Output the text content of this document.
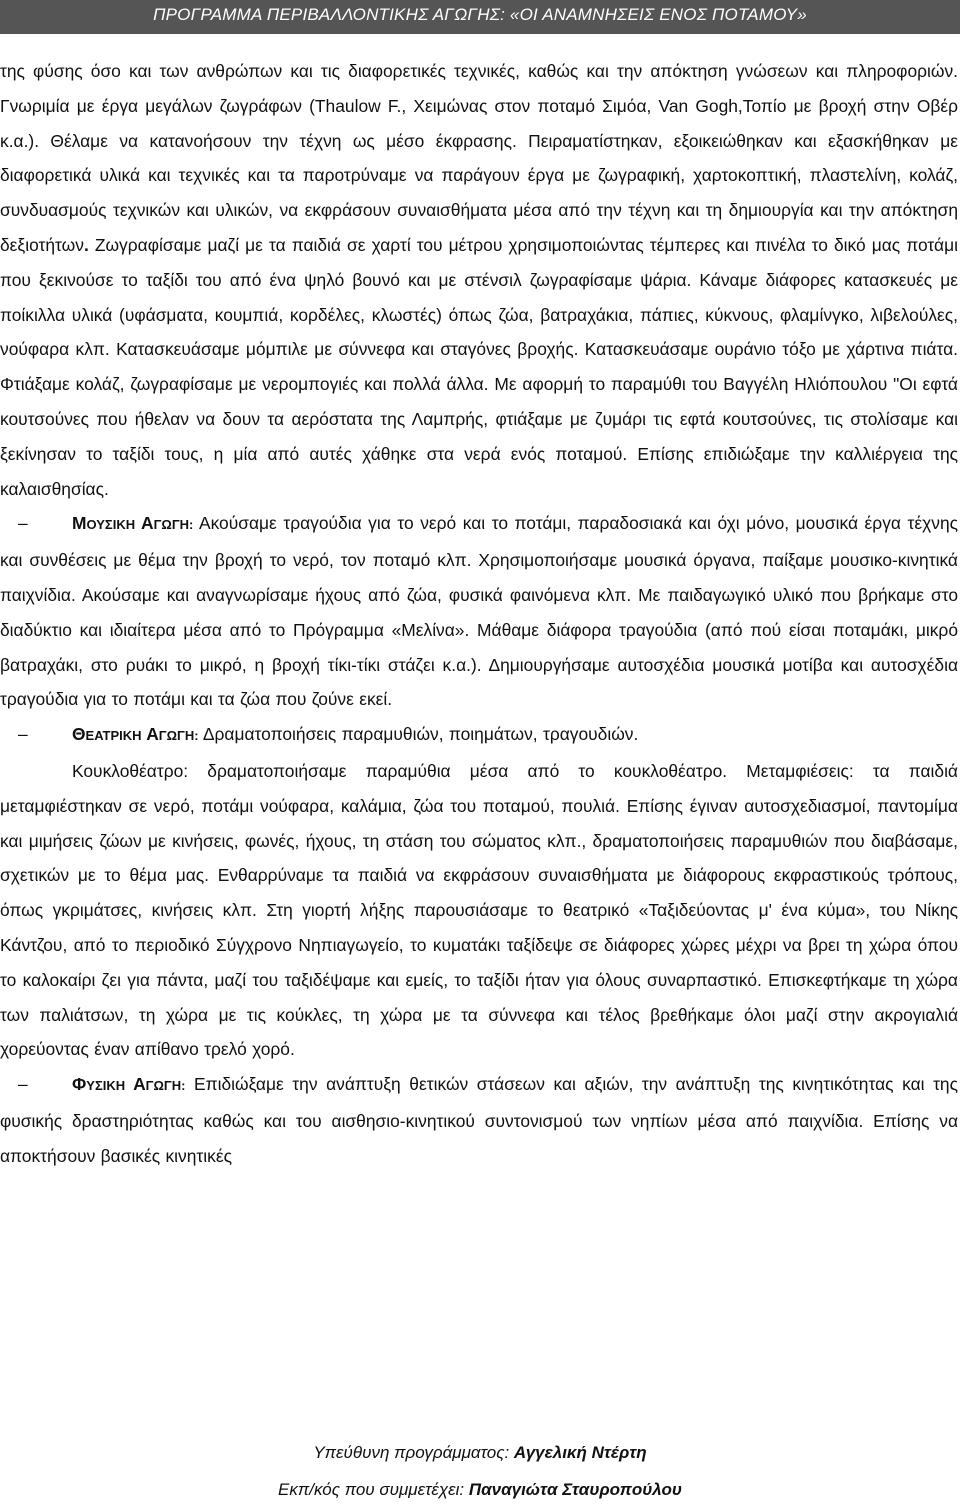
ΠΡΟΓΡΑΜΜΑ ΠΕΡΙΒΑΛΛΟΝΤΙΚΗΣ ΑΓΩΓΗΣ: «ΟΙ ΑΝΑΜΝΗΣΕΙΣ ΕΝΟΣ ΠΟΤΑΜΟΥ»

της φύσης όσο και των ανθρώπων και τις διαφορετικές τεχνικές, καθώς και την απόκτηση γνώσεων και πληροφοριών. Γνωριμία με έργα μεγάλων ζωγράφων (Thaulow F., Χειμώνας στον ποταμό Σιμόα, Van Gogh,Τοπίο με βροχή στην Οβέρ κ.α.). Θέλαμε να κατανοήσουν την τέχνη ως μέσο έκφρασης. Πειραματίστηκαν, εξοικειώθηκαν και εξασκήθηκαν με διαφορετικά υλικά και τεχνικές και τα παροτρύναμε να παράγουν έργα με ζωγραφική, χαρτοκοπτική, πλαστελίνη, κολάζ, συνδυασμούς τεχνικών και υλικών, να εκφράσουν συναισθήματα μέσα από την τέχνη και τη δημιουργία και την απόκτηση δεξιοτήτων. Ζωγραφίσαμε μαζί με τα παιδιά σε χαρτί του μέτρου χρησιμοποιώντας τέμπερες και πινέλα το δικό μας ποτάμι που ξεκινούσε το ταξίδι του από ένα ψηλό βουνό και με στένσιλ ζωγραφίσαμε ψάρια. Κάναμε διάφορες κατασκευές με ποίκιλλα υλικά (υφάσματα, κουμπιά, κορδέλες, κλωστές) όπως ζώα, βατραχάκια, πάπιες, κύκνους, φλαμίνγκο, λιβελούλες, νούφαρα κλπ. Κατασκευάσαμε μόμπιλε με σύννεφα και σταγόνες βροχής. Κατασκευάσαμε ουράνιο τόξο με χάρτινα πιάτα. Φτιάξαμε κολάζ, ζωγραφίσαμε με νερομπογιές και πολλά άλλα. Με αφορμή το παραμύθι του Βαγγέλη Ηλιόπουλου "Οι εφτά κουτσούνες που ήθελαν να δουν τα αερόστατα της Λαμπρής, φτιάξαμε με ζυμάρι τις εφτά κουτσούνες, τις στολίσαμε και ξεκίνησαν το ταξίδι τους, η μία από αυτές χάθηκε στα νερά ενός ποταμού. Επίσης επιδιώξαμε την καλλιέργεια της καλαισθησίας.

–	ΜΟΥΣΙΚΗ ΑΓΩΓΗ: Ακούσαμε τραγούδια για το νερό και το ποτάμι, παραδοσιακά και όχι μόνο, μουσικά έργα τέχνης και συνθέσεις με θέμα την βροχή το νερό, τον ποταμό κλπ. Χρησιμοποιήσαμε μουσικά όργανα, παίξαμε μουσικο-κινητικά παιχνίδια. Ακούσαμε και αναγνωρίσαμε ήχους από ζώα, φυσικά φαινόμενα κλπ. Με παιδαγωγικό υλικό που βρήκαμε στο διαδύκτιο και ιδιαίτερα μέσα από το Πρόγραμμα «Μελίνα». Μάθαμε διάφορα τραγούδια (από πού είσαι ποταμάκι, μικρό βατραχάκι, στο ρυάκι το μικρό, η βροχή τίκι-τίκι στάζει κ.α.). Δημιουργήσαμε αυτοσχέδια μουσικά μοτίβα και αυτοσχέδια τραγούδια για το ποτάμι και τα ζώα που ζούνε εκεί.

–	ΘΕΑΤΡΙΚΗ ΑΓΩΓΗ: Δραματοποιήσεις παραμυθιών, ποιημάτων, τραγουδιών.

Κουκλοθέατρο: δραματοποιήσαμε παραμύθια μέσα από το κουκλοθέατρο. Μεταμφιέσεις: τα παιδιά μεταμφιέστηκαν σε νερό, ποτάμι νούφαρα, καλάμια, ζώα του ποταμού, πουλιά. Επίσης έγιναν αυτοσχεδιασμοί, παντομίμα και μιμήσεις ζώων με κινήσεις, φωνές, ήχους, τη στάση του σώματος κλπ., δραματοποιήσεις παραμυθιών που διαβάσαμε, σχετικών με το θέμα μας. Ενθαρρύναμε τα παιδιά να εκφράσουν συναισθήματα με διάφορους εκφραστικούς τρόπους, όπως γκριμάτσες, κινήσεις κλπ. Στη γιορτή λήξης παρουσιάσαμε το θεατρικό «Ταξιδεύοντας μ' ένα κύμα», του Νίκης Κάντζου, από το περιοδικό Σύγχρονο Νηπιαγωγείο, το κυματάκι ταξίδεψε σε διάφορες χώρες μέχρι να βρει τη χώρα όπου το καλοκαίρι ζει για πάντα, μαζί του ταξιδέψαμε και εμείς, το ταξίδι ήταν για όλους συναρπαστικό. Επισκεφτήκαμε τη χώρα των παλιάτσων, τη χώρα με τις κούκλες, τη χώρα με τα σύννεφα και τέλος βρεθήκαμε όλοι μαζί στην ακρογιαλιά χορεύοντας έναν απίθανο τρελό χορό.

–	ΦΥΣΙΚΗ ΑΓΩΓΗ: Επιδιώξαμε την ανάπτυξη θετικών στάσεων και αξιών, την ανάπτυξη της κινητικότητας και της φυσικής δραστηριότητας καθώς και του αισθησιο-κινητικού συντονισμού των νηπίων μέσα από παιχνίδια. Επίσης να αποκτήσουν βασικές κινητικές

Υπεύθυνη προγράμματος: Αγγελική Ντέρτη
Εκπ/κός που συμμετέχει: Παναγιώτα Σταυροπούλου
